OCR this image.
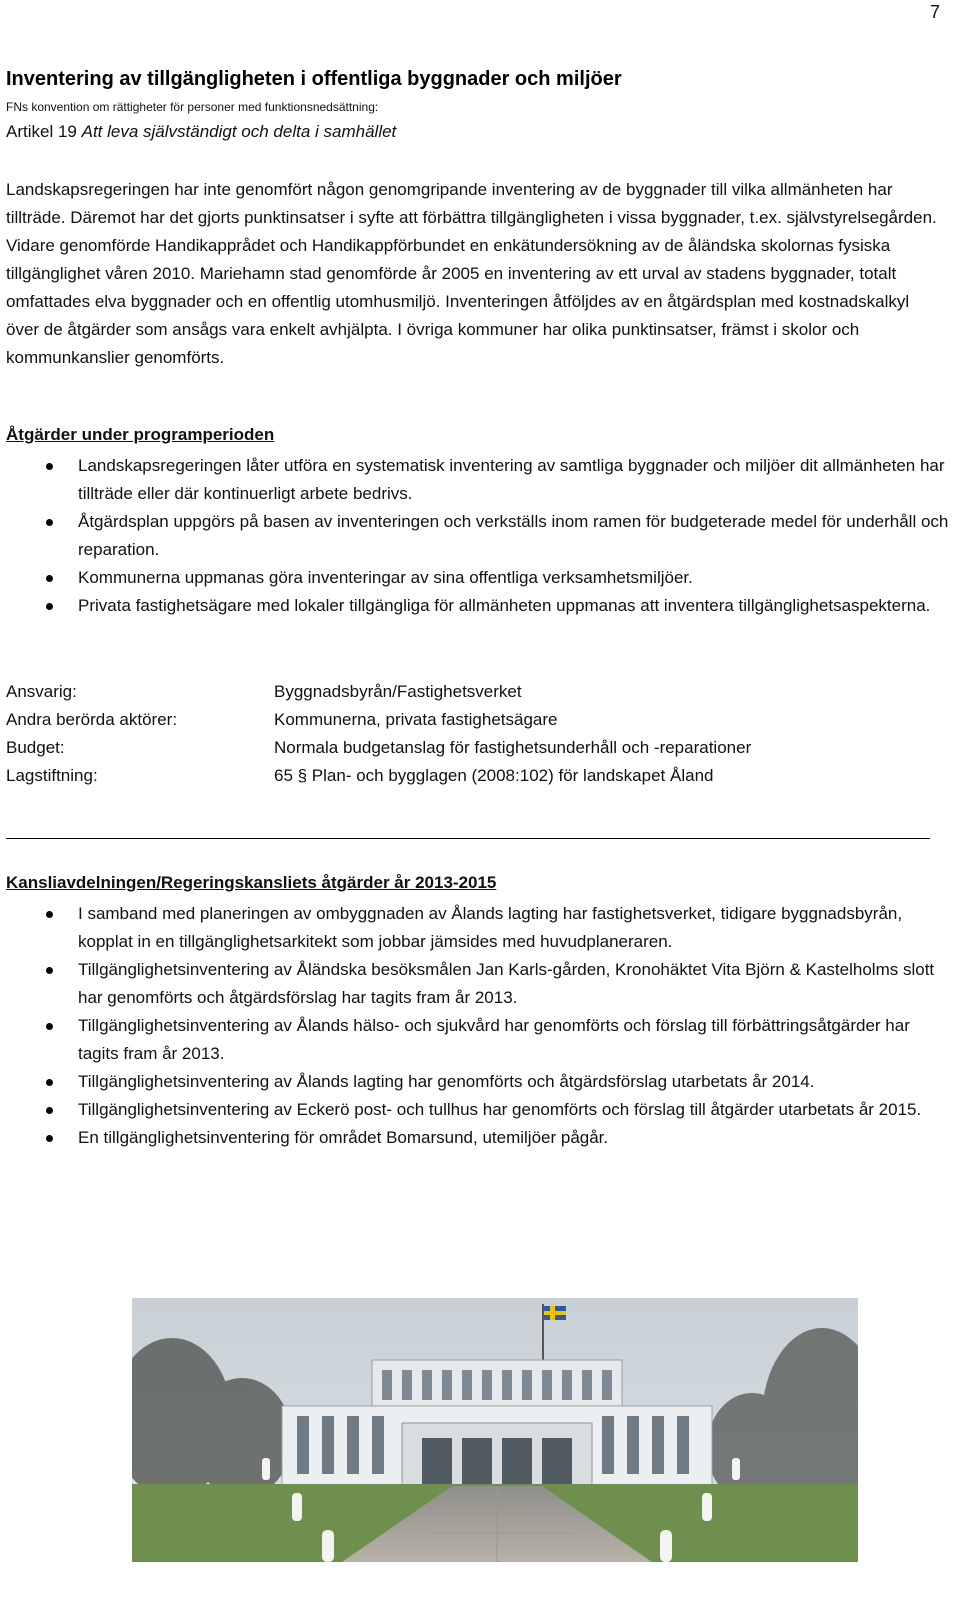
7
Inventering av tillgängligheten i offentliga byggnader och miljöer
FNs konvention om rättigheter för personer med funktionsnedsättning:
Artikel 19 Att leva självständigt och delta i samhället

Landskapsregeringen har inte genomfört någon genomgripande inventering av de byggnader till vilka allmänheten har tillträde. Däremot har det gjorts punktinsatser i syfte att förbättra tillgängligheten i vissa byggnader, t.ex. självstyrelsegården. Vidare genomförde Handikapprådet och Handikappförbundet en enkätundersökning av de åländska skolornas fysiska tillgänglighet våren 2010. Mariehamn stad genomförde år 2005 en inventering av ett urval av stadens byggnader, totalt omfattades elva byggnader och en offentlig utomhusmiljö. Inventeringen åtföljdes av en åtgärdsplan med kostnadskalkyl över de åtgärder som ansågs vara enkelt avhjälpta. I övriga kommuner har olika punktinsatser, främst i skolor och kommunkanslier genomförts.

Åtgärder under programperioden
Landskapsregeringen låter utföra en systematisk inventering av samtliga byggnader och miljöer dit allmänheten har tillträde eller där kontinuerligt arbete bedrivs.
Åtgärdsplan uppgörs på basen av inventeringen och verkställs inom ramen för budgeterade medel för underhåll och reparation.
Kommunerna uppmanas göra inventeringar av sina offentliga verksamhetsmiljöer.
Privata fastighetsägare med lokaler tillgängliga för allmänheten uppmanas att inventera tillgänglighetsaspekterna.
Ansvarig:	Byggnadsbyrån/Fastighetsverket
Andra berörda aktörer:	Kommunerna, privata fastighetsägare
Budget:	Normala budgetanslag för fastighetsunderhåll och -reparationer
Lagstiftning:	65 § Plan- och bygglagen (2008:102) för landskapet Åland
Kansliavdelningen/Regeringskansliets åtgärder år 2013-2015
I samband med planeringen av ombyggnaden av Ålands lagting har fastighetsverket, tidigare byggnadsbyrån, kopplat in en tillgänglighetsarkitekt som jobbar jämsides med huvudplaneraren.
Tillgänglighetsinventering av Åländska besöksmålen Jan Karls-gården, Kronohäktet Vita Björn & Kastelholms slott har genomförts och åtgärdsförslag har tagits fram år 2013.
Tillgänglighetsinventering av Ålands hälso- och sjukvård har genomförts och förslag till förbättringsåtgärder har tagits fram år 2013.
Tillgänglighetsinventering av Ålands lagting har genomförts och åtgärdsförslag utarbetats år 2014.
Tillgänglighetsinventering av Eckerö post- och tullhus har genomförts och förslag till åtgärder utarbetats år 2015.
En tillgänglighetsinventering för området Bomarsund, utemiljöer pågår.
